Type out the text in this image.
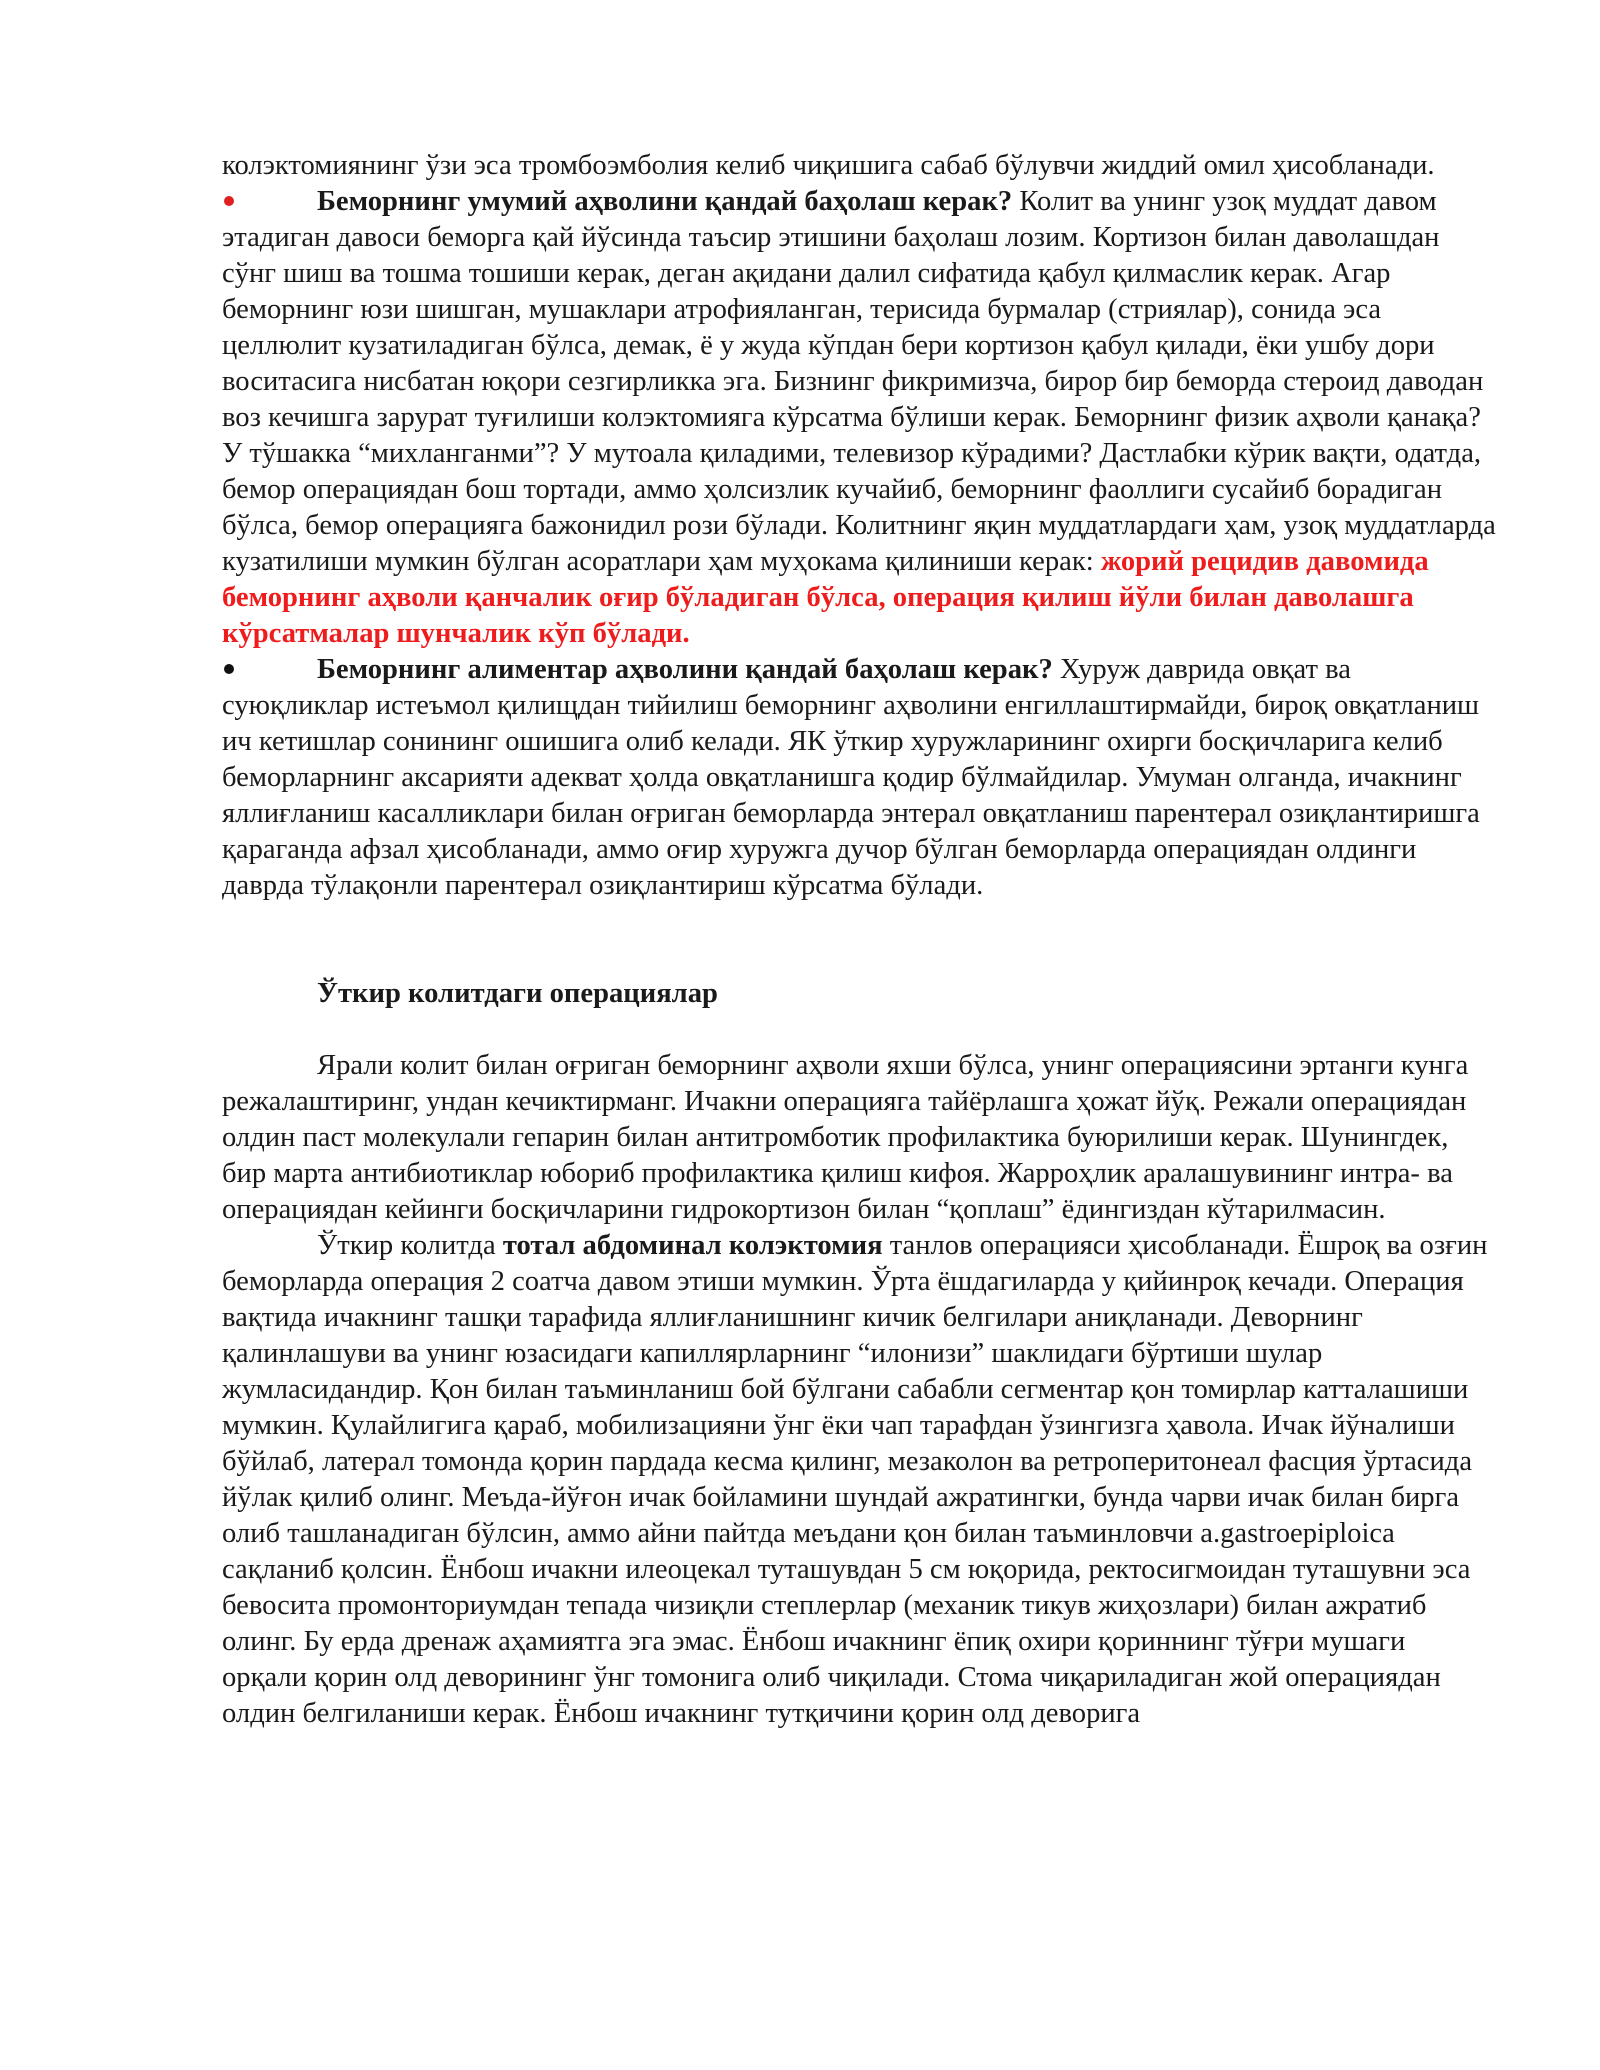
колэктомиянинг ўзи эса тромбоэмболия келиб чиқишига сабаб бўлувчи жиддий омил ҳисобланади.

Беморнинг умумий аҳволини қандай баҳолаш керак? Колит ва унинг узоқ муддат давом этадиган давоси беморга қай йўсинда таъсир этишини баҳолаш лозим. Кортизон билан даволашдан сўнг шиш ва тошма тошиши керак, деган ақидани далил сифатида қабул қилмаслик керак. Агар беморнинг юзи шишган, мушаклари атрофияланган, терисида бурмалар (стриялар), сонида эса целлюлит кузатиладиган бўлса, демак, ё у жуда кўпдан бери кортизон қабул қилади, ёки ушбу дори воситасига нисбатан юқори сезгирликка эга. Бизнинг фикримизча, бирор бир беморда стероид даводан воз кечишга зарурат туғилиши колэктомияга кўрсатма бўлиши керак. Беморнинг физик аҳволи қанақа? У тўшакка “михланганми”? У мутоала қиладими, телевизор кўрадими? Дастлабки кўрик вақти, одатда, бемор операциядан бош тортади, аммо ҳолсизлик кучайиб, беморнинг фаоллиги сусайиб борадиган бўлса, бемор операцияга бажонидил рози бўлади. Колитнинг яқин муддатлардаги ҳам, узоқ муддатларда кузатилиши мумкин бўлган асоратлари ҳам муҳокама қилиниши керак: жорий рецидив давомида беморнинг аҳволи қанчалик оғир бўладиган бўлса, операция қилиш йўли билан даволашга кўрсатмалар шунчалик кўп бўлади.

Беморнинг алиментар аҳволини қандай баҳолаш керак? Хуруж даврида овқат ва суюқликлар истеъмол қилищдан тийилиш беморнинг аҳволини енгиллаштирмайди, бироқ овқатланиш ич кетишлар сонининг ошишига олиб келади. ЯК ўткир хуружларининг охирги босқичларига келиб беморларнинг аксарияти адекват ҳолда овқатланишга қодир бўлмайдилар. Умуман олганда, ичакнинг яллиғланиш касалликлари билан оғриган беморларда энтерал овқатланиш парентерал озиқлантиришга қараганда афзал ҳисобланади, аммо оғир хуружга дучор бўлган беморларда операциядан олдинги даврда тўлақонли парентерал озиқлантириш кўрсатма бўлади.

Ўткир колитдаги операциялар

Ярали колит билан оғриган беморнинг аҳволи яхши бўлса, унинг операциясини эртанги кунга режалаштиринг, ундан кечиктирманг. Ичакни операцияга тайёрлашга ҳожат йўқ. Режали операциядан олдин паст молекулали гепарин билан антитромботик профилактика буюрилиши керак. Шунингдек, бир марта антибиотиклар юбориб профилактика қилиш кифоя. Жарроҳлик аралашувининг интра- ва операциядан кейинги босқичларини гидрокортизон билан “қоплаш” ёдингиздан кўтарилмасин.

Ўткир колитда тотал абдоминал колэктомия танлов операцияси ҳисобланади. Ёшроқ ва озғин беморларда операция 2 соатча давом этиши мумкин. Ўрта ёшдагиларда у қийинроқ кечади. Операция вақтида ичакнинг ташқи тарафида яллиғланишнинг кичик белгилари аниқланади. Деворнинг қалинлашуви ва унинг юзасидаги капиллярларнинг “илонизи” шаклидаги бўртиши шулар жумласидандир. Қон билан таъминланиш бой бўлгани сабабли сегментар қон томирлар катталашиши мумкин. Қулайлигига қараб, мобилизацияни ўнг ёки чап тарафдан ўзингизга ҳавола. Ичак йўналиши бўйлаб, латерал томонда қорин пардада кесма қилинг, мезаколон ва ретроперитонеал фасция ўртасида йўлак қилиб олинг. Меъда-йўғон ичак бойламини шундай ажратингки, бунда чарви ичак билан бирга олиб ташланадиган бўлсин, аммо айни пайтда меъдани қон билан таъминловчи a.gastroepiploica сақланиб қолсин. Ёнбош ичакни илеоцекал туташувдан 5 см юқорида, ректосигмоидан туташувни эса бевосита промонториумдан тепада чизиқли степлерлар (механик тикув жиҳозлари) билан ажратиб олинг. Бу ерда дренаж аҳамиятга эга эмас. Ёнбош ичакнинг ёпиқ охири қориннинг тўғри мушаги орқали қорин олд деворининг ўнг томонига олиб чиқилади. Стома чиқариладиган жой операциядан олдин белгиланиши керак. Ёнбош ичакнинг тутқичини қорин олд деворига
